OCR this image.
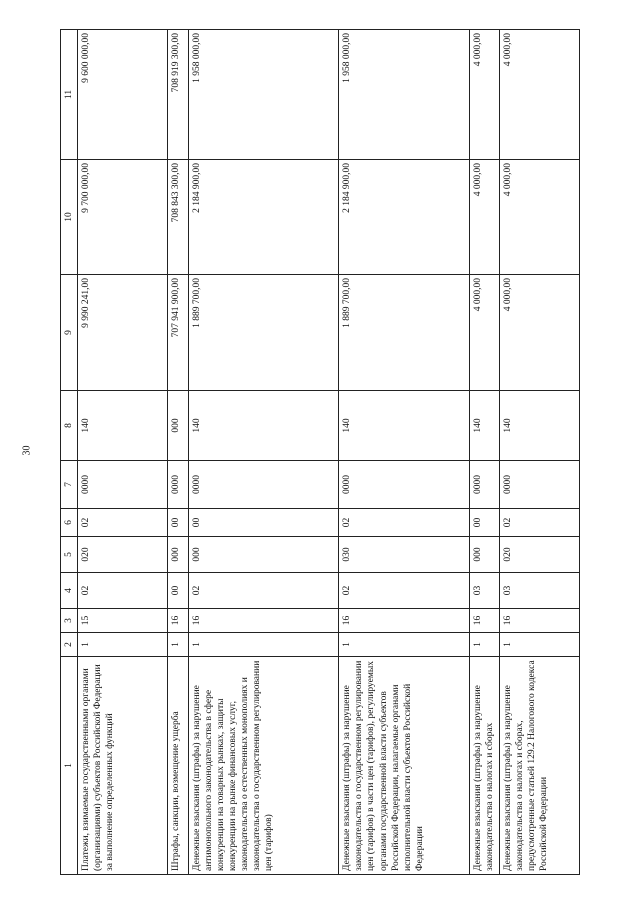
30
1	2	3	4	5	6	7	8	9	10	11
Платежи, взимаемые государственными органами (организациями) субъектов Российской Федерации за выполнение определенных функций	1	15	02	020	02	0000	140	9 990 241,00	9 700 000,00	9 600 000,00
Штрафы, санкции, возмещение ущерба	1	16	00	000	00	0000	000	707 941 900,00	708 843 300,00	708 919 300,00
Денежные взыскания (штрафы) за нарушение антимонопольного законодательства в сфере конкуренции на товарных рынках, защиты конкуренции на рынке финансовых услуг, законодательства о естественных монополиях и законодательства о государственном регулировании цен (тарифов)	1	16	02	000	00	0000	140	1 889 700,00	2 184 900,00	1 958 000,00
Денежные взыскания (штрафы) за нарушение законодательства о государственном регулировании цен (тарифов) в части цен (тарифов), регулируемых органами государственной власти субъектов Российской Федерации, налагаемые органами исполнительной власти субъектов Российской Федерации	1	16	02	030	02	0000	140	1 889 700,00	2 184 900,00	1 958 000,00
Денежные взыскания (штрафы) за нарушение законодательства о налогах и сборах	1	16	03	000	00	0000	140	4 000,00	4 000,00	4 000,00
Денежные взыскания (штрафы) за нарушение законодательства о налогах и сборах, предусмотренные статьей 129.2 Налогового кодекса Российской Федерации	1	16	03	020	02	0000	140	4 000,00	4 000,00	4 000,00
